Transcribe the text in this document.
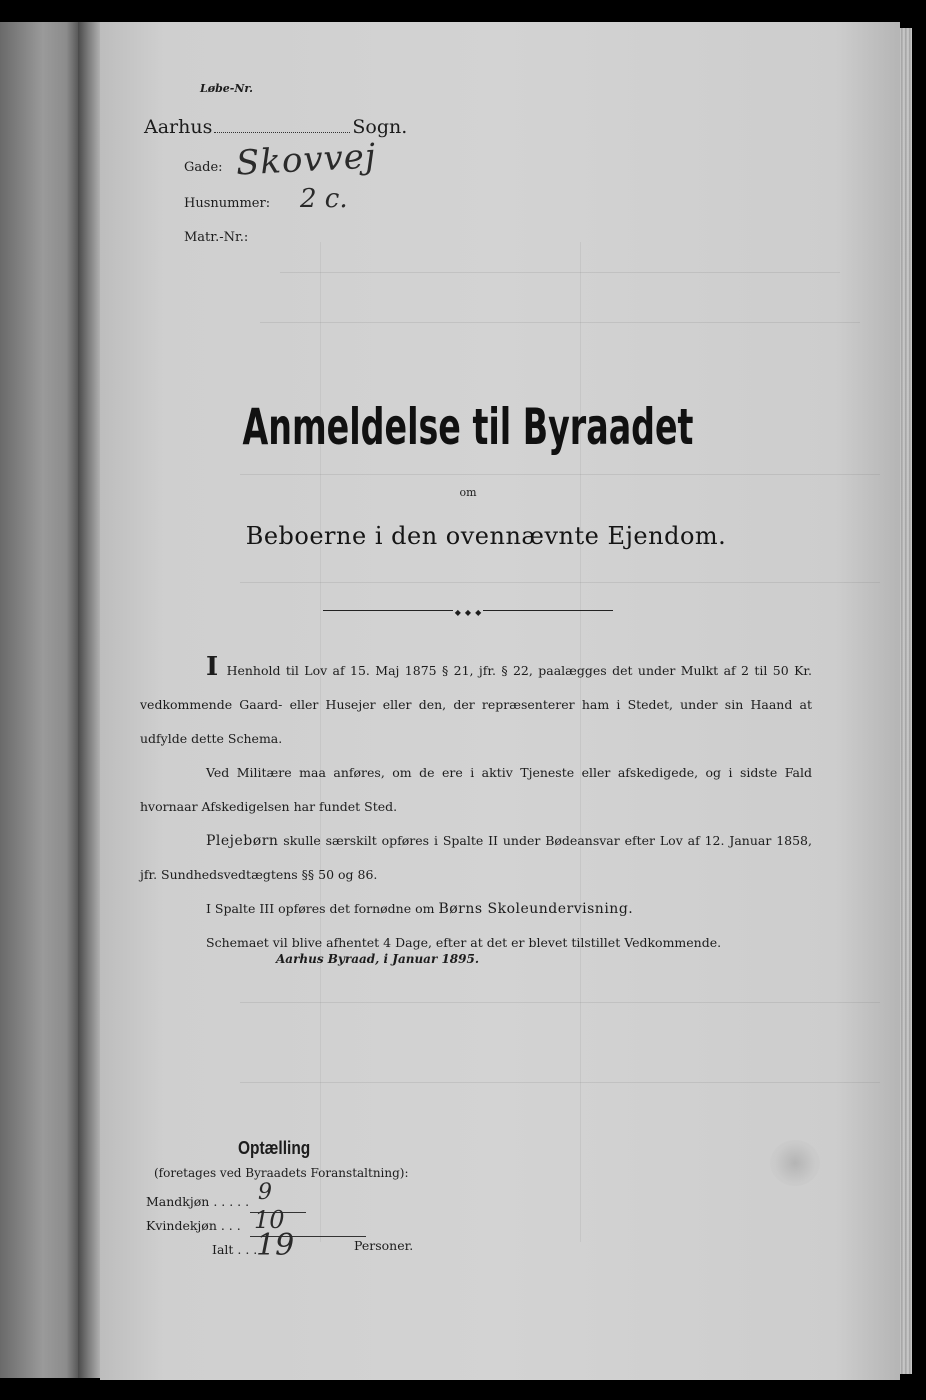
Løbe-Nr.
Aarhus	Sogn.
Gade: Skovvej
Husnummer: 2 c.
Matr.-Nr.:
Anmeldelse til Byraadet
om
Beboerne i den ovennævnte Ejendom.
◆ ◆ ◆

I Henhold til Lov af 15. Maj 1875 § 21, jfr. § 22, paalægges det under Mulkt af 2 til 50 Kr. vedkommende Gaard- eller Husejer eller den, der repræsenterer ham i Stedet, under sin Haand at udfylde dette Schema.

Ved Militære maa anføres, om de ere i aktiv Tjeneste eller afskedigede, og i sidste Fald hvornaar Afskedigelsen har fundet Sted.

Plejebørn skulle særskilt opføres i Spalte II under Bødeansvar efter Lov af 12. Januar 1858, jfr. Sundhedsvedtægtens §§ 50 og 86.

I Spalte III opføres det fornødne om Børns Skoleundervisning.

Schemaet vil blive afhentet 4 Dage, efter at det er blevet tilstillet Vedkommende.

Aarhus Byraad, i Januar 1895.
Optælling
(foretages ved Byraadets Foranstaltning):
Mandkjøn . . . . . 9
Kvindekjøn . . . 10
Ialt . . .
19	Personer.
